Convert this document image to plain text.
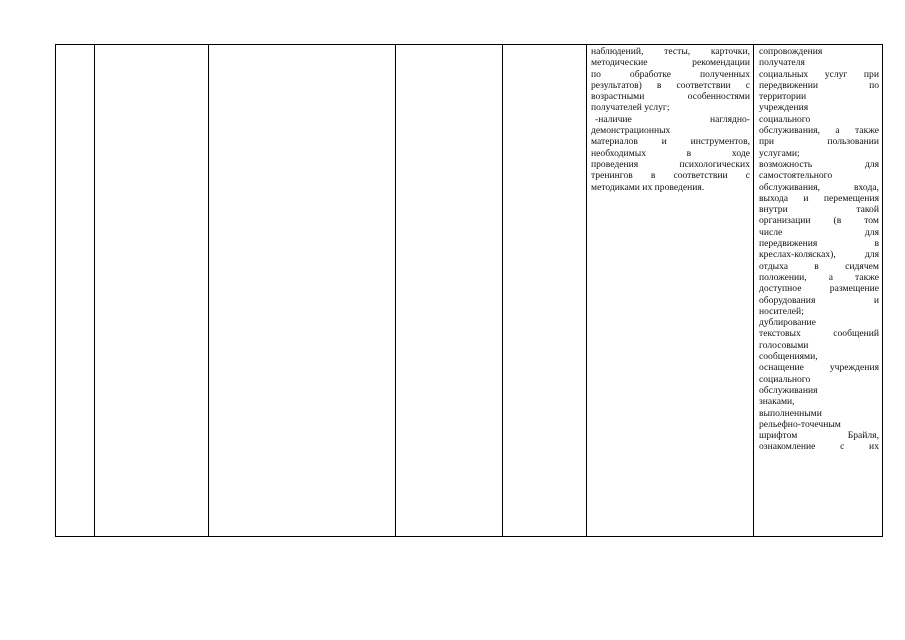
наблюдений, тесты, карточки,
методические рекомендации
по обработке полученных
результатов) в соответствии с
возрастными особенностями
получателей услуг;
-наличие наглядно-
демонстрационных
материалов и инструментов,
необходимых в ходе
проведения психологических
тренингов в соответствии с
методиками их проведения.

сопровождения
получателя
социальных услуг при
передвижении по
территории
учреждения
социального
обслуживания, а также
при пользовании
услугами;
возможность для
самостоятельного
обслуживания, входа,
выхода и перемещения
внутри такой
организации (в том
числе для
передвижения в
креслах-колясках), для
отдыха в сидячем
положении, а также
доступное размещение
оборудования и
носителей;
дублирование
текстовых сообщений
голосовыми
сообщениями,
оснащение учреждения
социального
обслуживания
знаками,
выполненными
рельефно-точечным
шрифтом Брайля,
ознакомление с их
